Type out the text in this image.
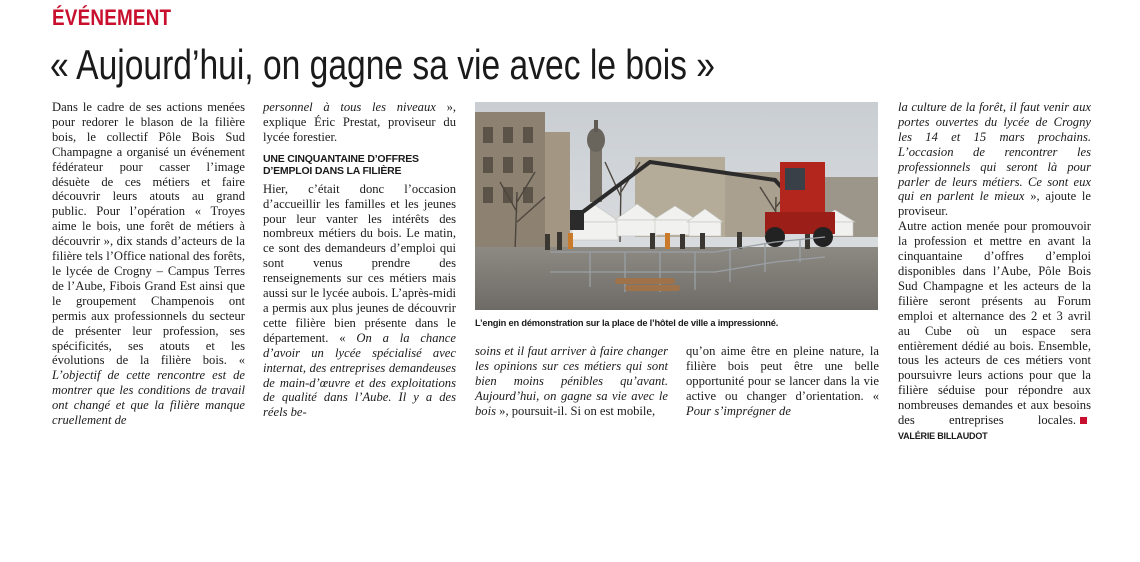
ÉVÉNEMENT
« Aujourd’hui, on gagne sa vie avec le bois »

Dans le cadre de ses actions menées pour redorer le blason de la filière bois, le collectif Pôle Bois Sud Champagne a organisé un événement fédérateur pour casser l’image désuète de ces métiers et faire découvrir leurs atouts au grand public. Pour l’opération « Troyes aime le bois, une forêt de métiers à découvrir », dix stands d’acteurs de la filière tels l’Office national des forêts, le lycée de Crogny – Campus Terres de l’Aube, Fibois Grand Est ainsi que le groupement Champenois ont permis aux professionnels du secteur de présenter leur profession, ses spécificités, ses atouts et les évolutions de la filière bois. « L’objectif de cette rencontre est de montrer que les conditions de travail ont changé et que la filière manque cruellement de

personnel à tous les niveaux », explique Éric Prestat, proviseur du lycée forestier.

UNE CINQUANTAINE D’OFFRES D’EMPLOI DANS LA FILIÈRE

Hier, c’était donc l’occasion d’accueillir les familles et les jeunes pour leur vanter les intérêts des nombreux métiers du bois. Le matin, ce sont des demandeurs d’emploi qui sont venus prendre des renseignements sur ces métiers mais aussi sur le lycée aubois. L’après-midi a permis aux plus jeunes de découvrir cette filière bien présente dans le département. « On a la chance d’avoir un lycée spécialisé avec internat, des entreprises demandeuses de main-d’œuvre et des exploitations de qualité dans l’Aube. Il y a des réels be-

L’engin en démonstration sur la place de l’hôtel de ville a impressionné.

soins et il faut arriver à faire changer les opinions sur ces métiers qui sont bien moins pénibles qu’avant. Aujourd’hui, on gagne sa vie avec le bois », poursuit-il. Si on est mobile,

qu’on aime être en pleine nature, la filière bois peut être une belle opportunité pour se lancer dans la vie active ou changer d’orientation. « Pour s’imprégner de

la culture de la forêt, il faut venir aux portes ouvertes du lycée de Crogny les 14 et 15 mars prochains. L’occasion de rencontrer les professionnels qui seront là pour parler de leurs métiers. Ce sont eux qui en parlent le mieux », ajoute le proviseur.

Autre action menée pour promouvoir la profession et mettre en avant la cinquantaine d’offres d’emploi disponibles dans l’Aube, Pôle Bois Sud Champagne et les acteurs de la filière seront présents au Forum emploi et alternance des 2 et 3 avril au Cube où un espace sera entièrement dédié au bois. Ensemble, tous les acteurs de ces métiers vont poursuivre leurs actions pour que la filière séduise pour répondre aux nombreuses demandes et aux besoins des entreprises locales.VALÉRIE BILLAUDOT
